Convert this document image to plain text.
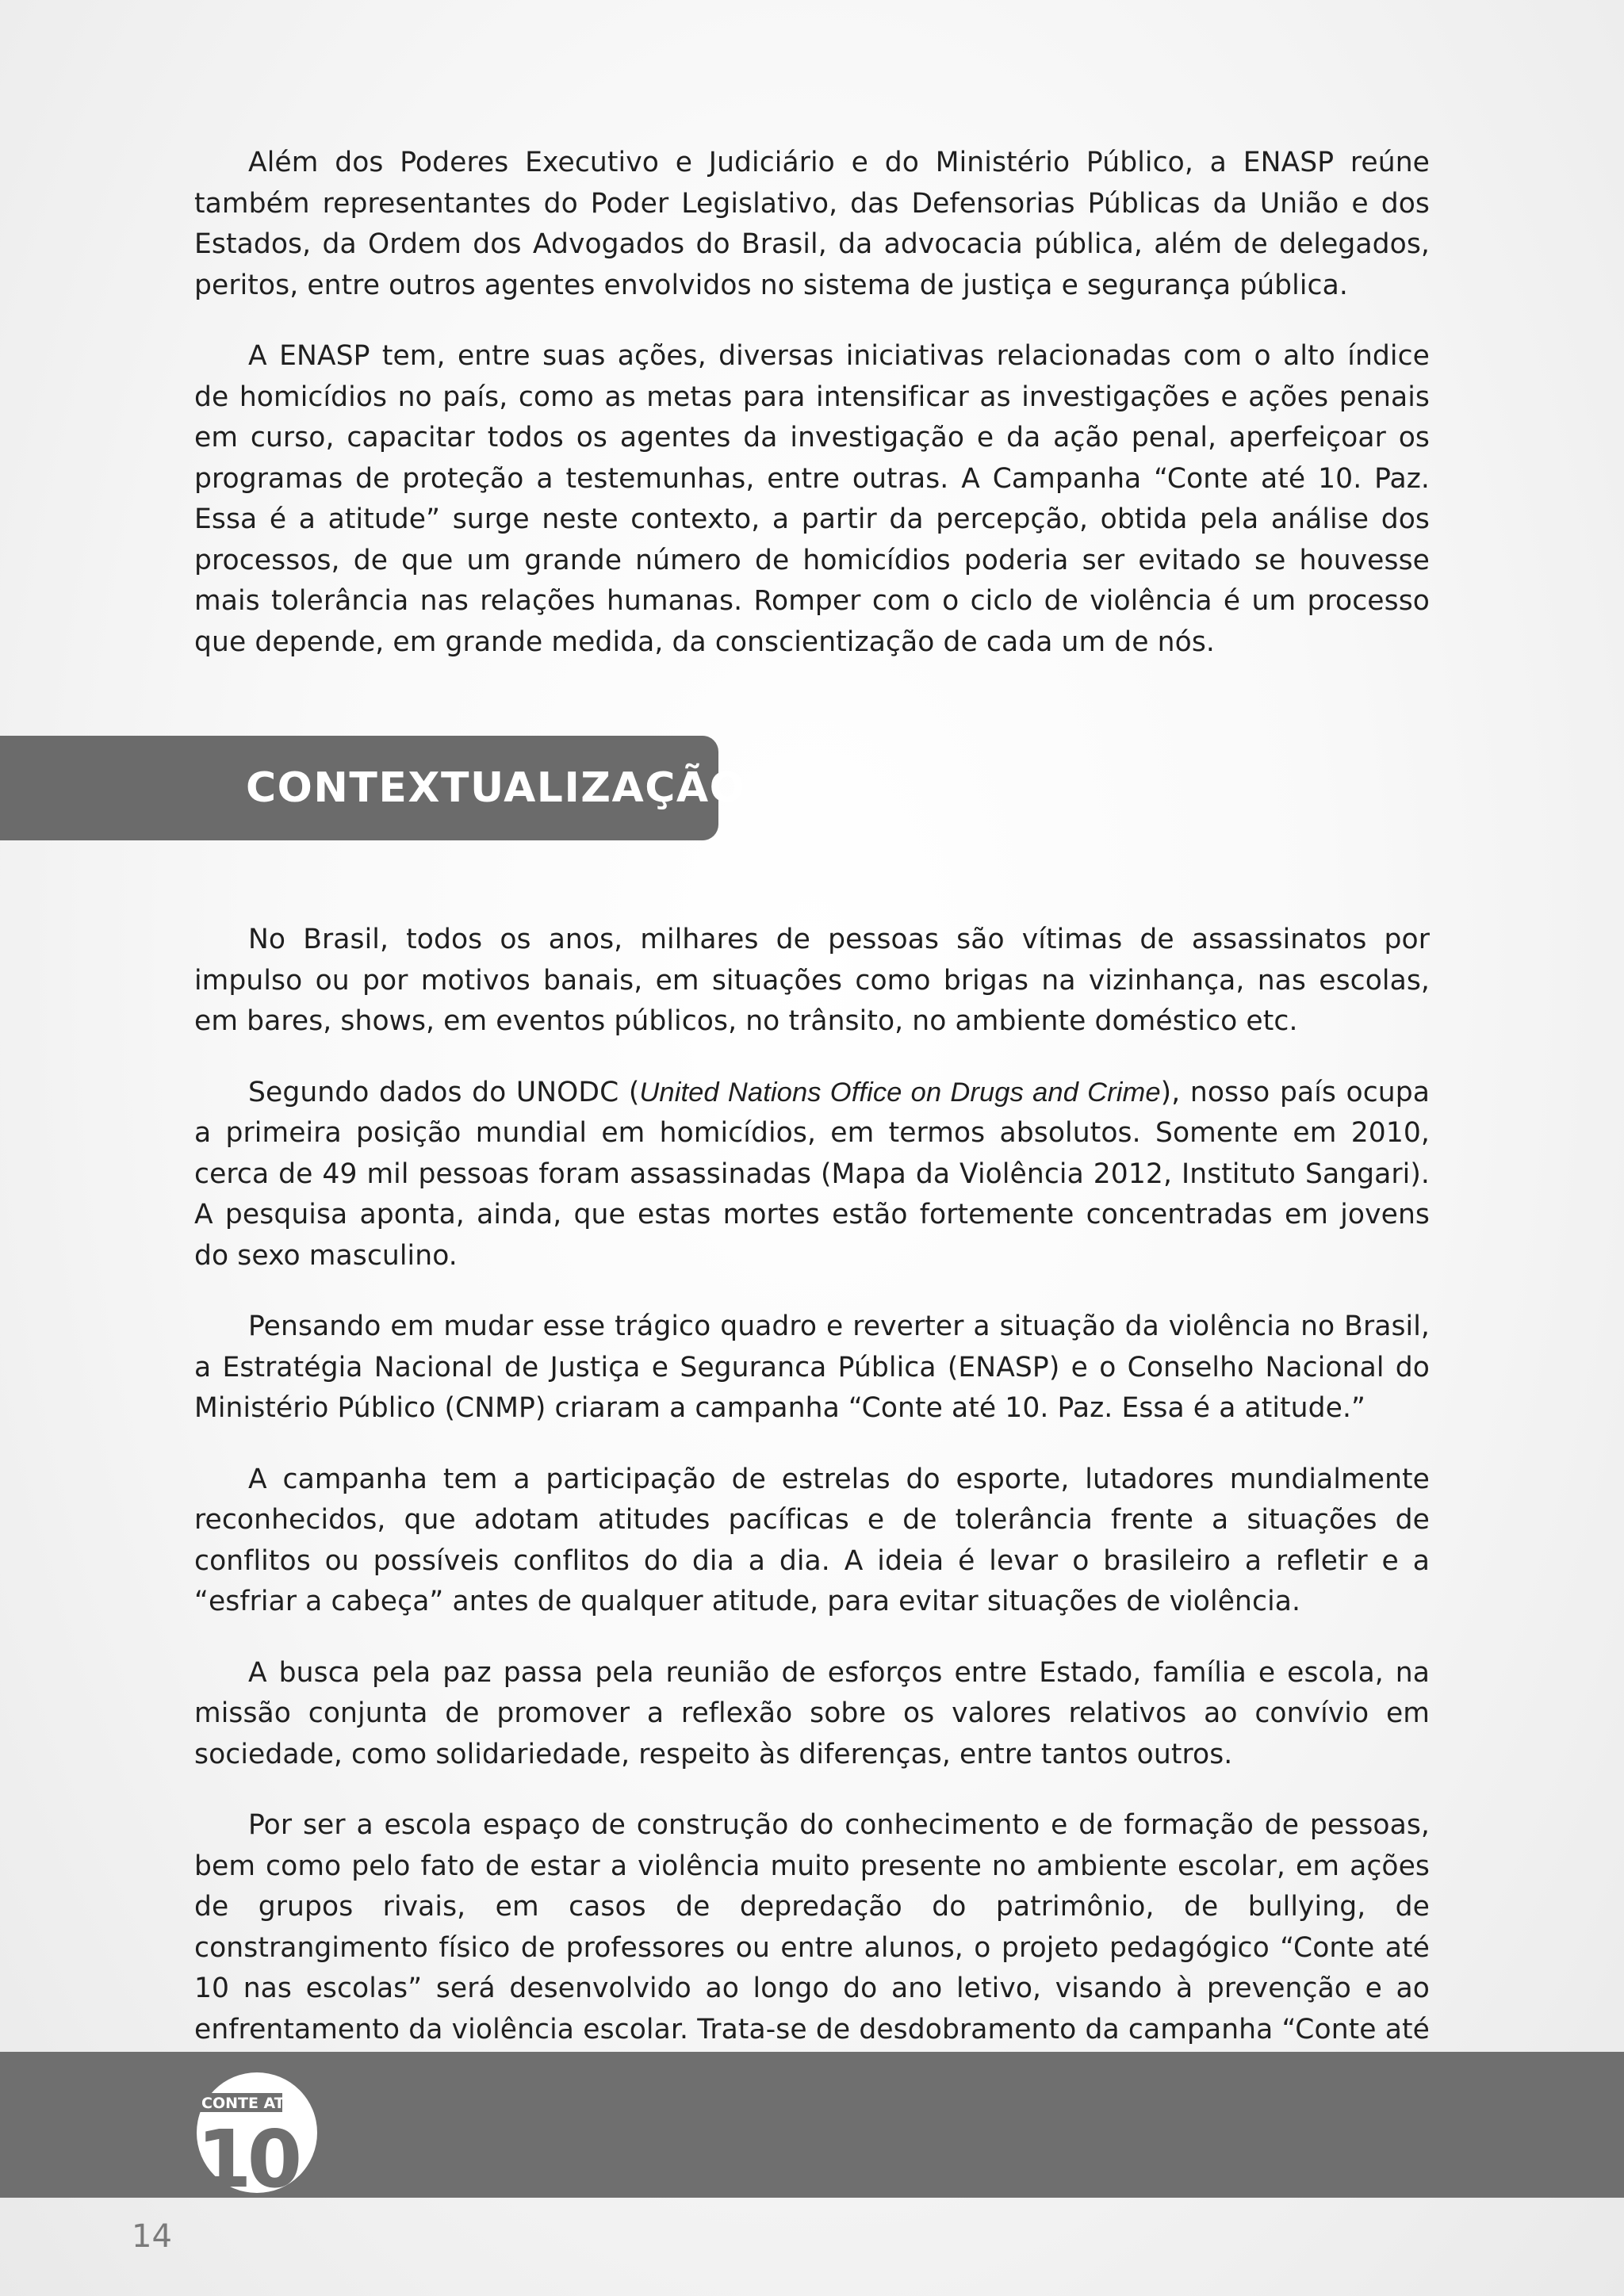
Além dos Poderes Executivo e Judiciário e do Ministério Público, a ENASP reúne também representantes do Poder Legislativo, das Defensorias Públicas da União e dos Estados, da Ordem dos Advogados do Brasil, da advocacia pública, além de delegados, peritos, entre outros agentes envolvidos no sistema de justiça e segurança pública.

A ENASP tem, entre suas ações, diversas iniciativas relacionadas com o alto índice de homicídios no país, como as metas para intensificar as investigações e ações penais em curso, capacitar todos os agentes da investigação e da ação penal, aperfeiçoar os programas de proteção a testemunhas, entre outras. A Campanha “Conte até 10. Paz. Essa é a atitude” surge neste contexto, a partir da percepção, obtida pela análise dos processos, de que um grande número de homicídios poderia ser evitado se houvesse mais tolerância nas relações humanas. Romper com o ciclo de violência é um processo que depende, em grande medida, da conscientização de cada um de nós.

CONTEXTUALIZAÇÃO

No Brasil, todos os anos, milhares de pessoas são vítimas de assassinatos por impulso ou por motivos banais, em situações como brigas na vizinhança, nas escolas, em bares, shows, em eventos públicos, no trânsito, no ambiente doméstico etc.

Segundo dados do UNODC (United Nations Office on Drugs and Crime), nosso país ocupa a primeira posição mundial em homicídios, em termos absolutos. Somente em 2010, cerca de 49 mil pessoas foram assassinadas (Mapa da Violência 2012, Instituto Sangari). A pesquisa aponta, ainda, que estas mortes estão fortemente concentradas em jovens do sexo masculino.

Pensando em mudar esse trágico quadro e reverter a situação da violência no Brasil, a Estratégia Nacional de Justiça e Seguranca Pública (ENASP) e o Conselho Nacional do Ministério Público (CNMP) criaram a campanha “Conte até 10. Paz. Essa é a atitude.”

A campanha tem a participação de estrelas do esporte, lutadores mundialmente reconhecidos, que adotam atitudes pacíficas e de tolerância frente a situações de conflitos ou possíveis conflitos do dia a dia. A ideia é levar o brasileiro a refletir e a “esfriar a cabeça” antes de qualquer atitude, para evitar situações de violência.

A busca pela paz passa pela reunião de esforços entre Estado, família e escola, na missão conjunta de promover a reflexão sobre os valores relativos ao convívio em sociedade, como solidariedade, respeito às diferenças, entre tantos outros.

Por ser a escola espaço de construção do conhecimento e de formação de pessoas, bem como pelo fato de estar a violência muito presente no ambiente escolar, em ações de grupos rivais, em casos de depredação do patrimônio, de bullying, de constrangimento físico de professores ou entre alunos, o projeto pedagógico “Conte até 10 nas escolas” será desenvolvido ao longo do ano letivo, visando à prevenção e ao enfrentamento da violência escolar. Trata-se de desdobramento da campanha “Conte até

CONTE ATÉ
10
14
